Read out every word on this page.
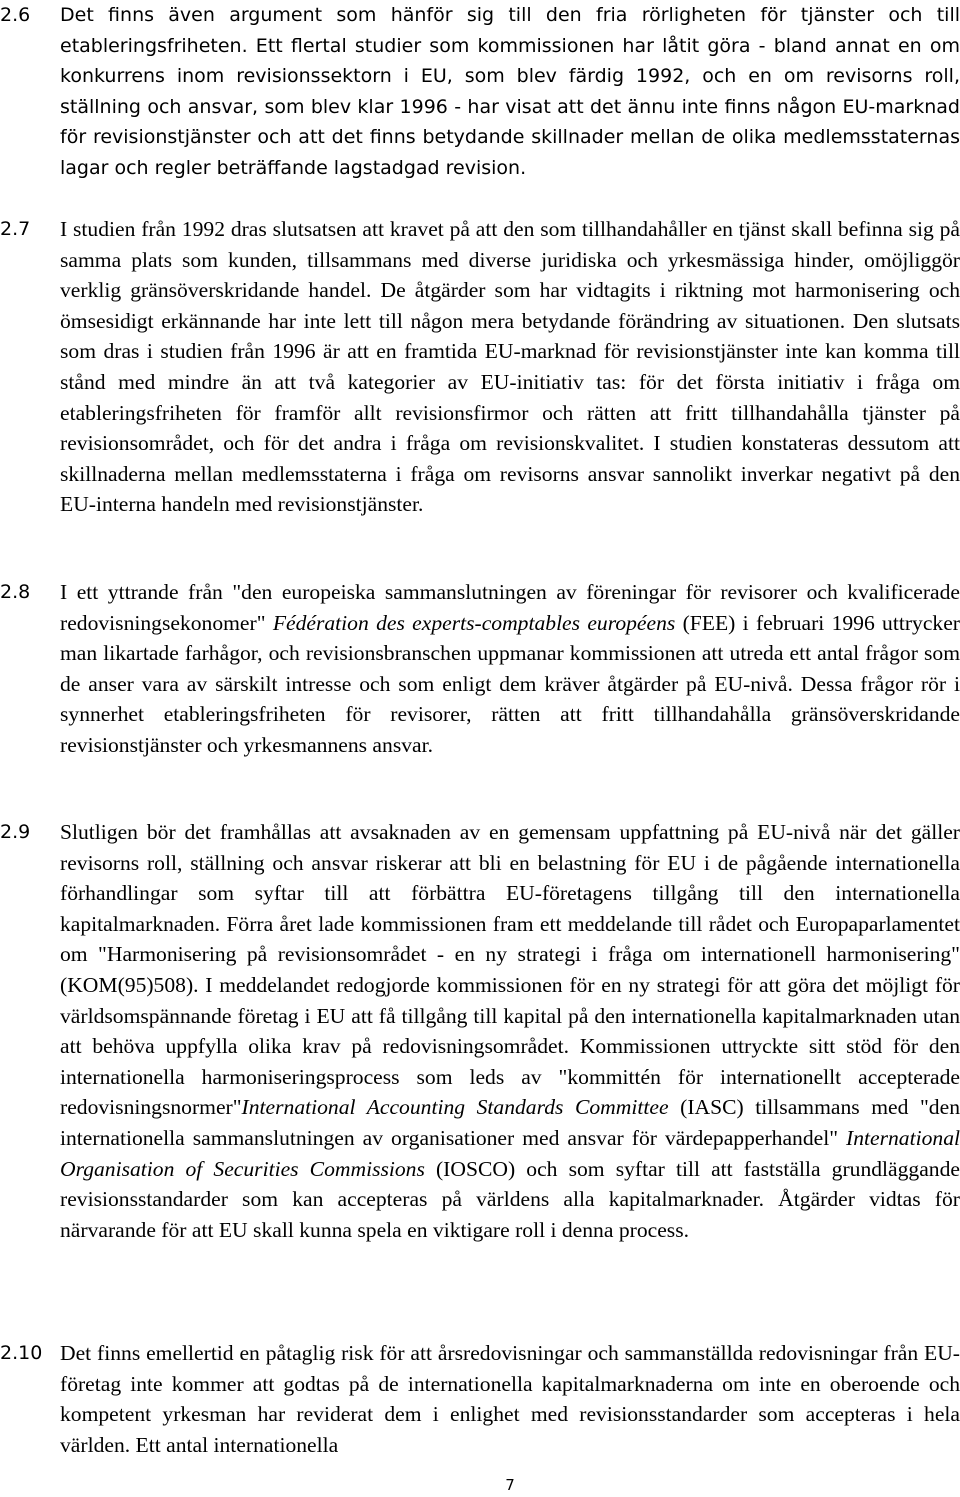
2.6 Det finns även argument som hänför sig till den fria rörligheten för tjänster och till etableringsfriheten. Ett flertal studier som kommissionen har låtit göra - bland annat en om konkurrens inom revisionssektorn i EU, som blev färdig 1992, och en om revisorns roll, ställning och ansvar, som blev klar 1996 - har visat att det ännu inte finns någon EU-marknad för revisionstjänster och att det finns betydande skillnader mellan de olika medlemsstaternas lagar och regler beträffande lagstadgad revision.

2.7 I studien från 1992 dras slutsatsen att kravet på att den som tillhandahåller en tjänst skall befinna sig på samma plats som kunden, tillsammans med diverse juridiska och yrkesmässiga hinder, omöjliggör verklig gränsöverskridande handel. De åtgärder som har vidtagits i riktning mot harmonisering och ömsesidigt erkännande har inte lett till någon mera betydande förändring av situationen. Den slutsats som dras i studien från 1996 är att en framtida EU-marknad för revisionstjänster inte kan komma till stånd med mindre än att två kategorier av EU-initiativ tas: för det första initiativ i fråga om etableringsfriheten för framför allt revisionsfirmor och rätten att fritt tillhandahålla tjänster på revisionsområdet, och för det andra i fråga om revisionskvalitet. I studien konstateras dessutom att skillnaderna mellan medlemsstaterna i fråga om revisorns ansvar sannolikt inverkar negativt på den EU-interna handeln med revisionstjänster.

2.8 I ett yttrande från "den europeiska sammanslutningen av föreningar för revisorer och kvalificerade redovisningsekonomer" Fédération des experts-comptables européens (FEE) i februari 1996 uttrycker man likartade farhågor, och revisionsbranschen uppmanar kommissionen att utreda ett antal frågor som de anser vara av särskilt intresse och som enligt dem kräver åtgärder på EU-nivå. Dessa frågor rör i synnerhet etableringsfriheten för revisorer, rätten att fritt tillhandahålla gränsöverskridande revisionstjänster och yrkesmannens ansvar.

2.9 Slutligen bör det framhållas att avsaknaden av en gemensam uppfattning på EU-nivå när det gäller revisorns roll, ställning och ansvar riskerar att bli en belastning för EU i de pågående internationella förhandlingar som syftar till att förbättra EU-företagens tillgång till den internationella kapitalmarknaden. Förra året lade kommissionen fram ett meddelande till rådet och Europaparlamentet om "Harmonisering på revisionsområdet - en ny strategi i fråga om internationell harmonisering" (KOM(95)508). I meddelandet redogjorde kommissionen för en ny strategi för att göra det möjligt för världsomspännande företag i EU att få tillgång till kapital på den internationella kapitalmarknaden utan att behöva uppfylla olika krav på redovisningsområdet. Kommissionen uttryckte sitt stöd för den internationella harmoniseringsprocess som leds av "kommittén för internationellt accepterade redovisningsnormer"International Accounting Standards Committee (IASC) tillsammans med "den internationella sammanslutningen av organisationer med ansvar för värdepapperhandel" International Organisation of Securities Commissions (IOSCO) och som syftar till att fastställa grundläggande revisionsstandarder som kan accepteras på världens alla kapitalmarknader. Åtgärder vidtas för närvarande för att EU skall kunna spela en viktigare roll i denna process.

2.10 Det finns emellertid en påtaglig risk för att årsredovisningar och sammanställda redovisningar från EU-företag inte kommer att godtas på de internationella kapitalmarknaderna om inte en oberoende och kompetent yrkesman har reviderat dem i enlighet med revisionsstandarder som accepteras i hela världen. Ett antal internationella

7
